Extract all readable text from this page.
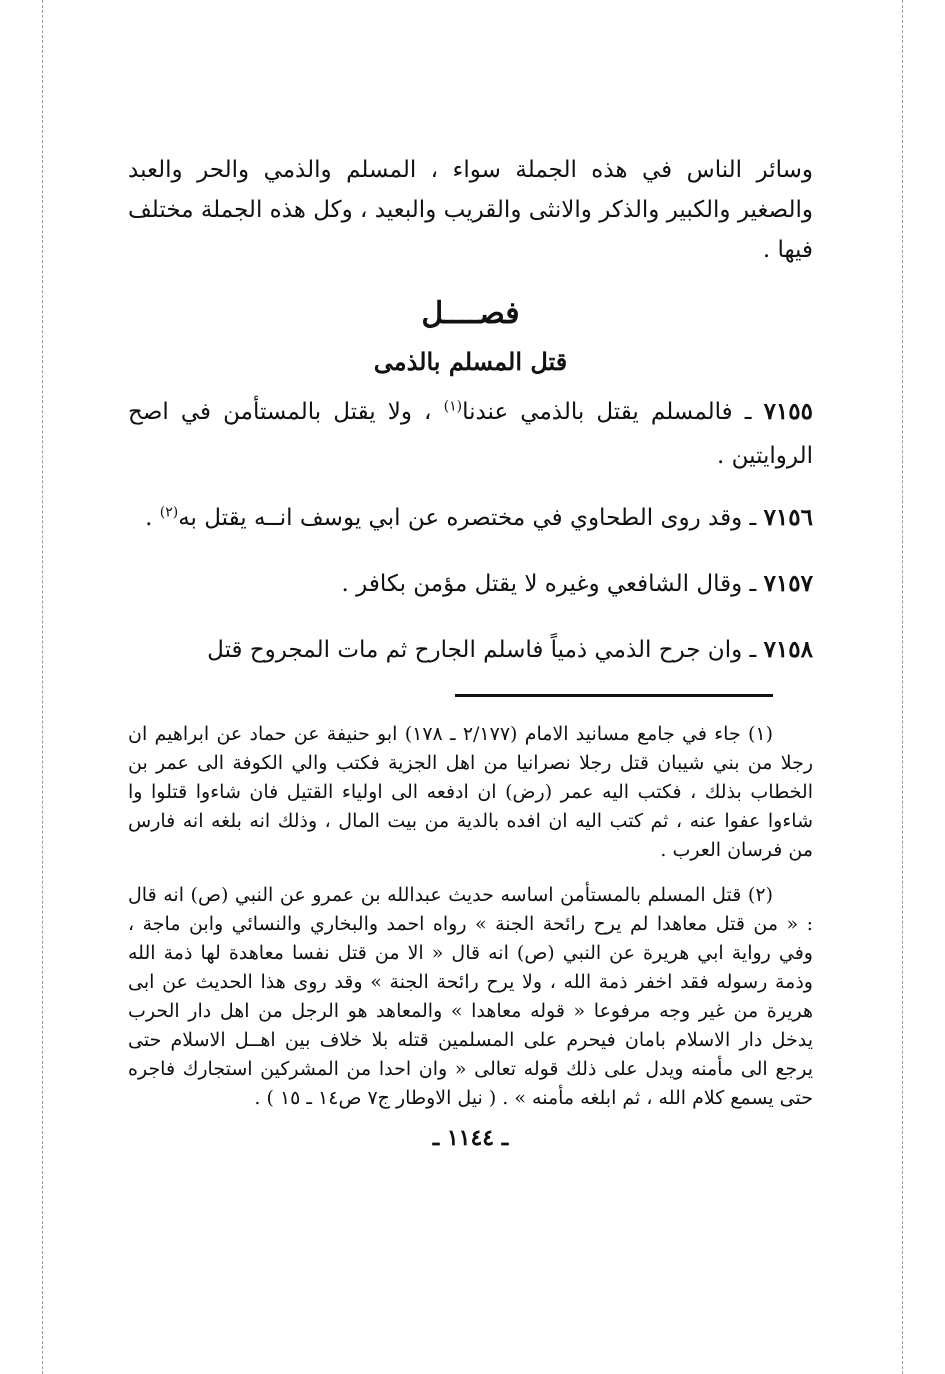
وسائر الناس في هذه الجملة سواء ، المسلم والذمي والحر والعبد والصغير والكبير والذكر والانثى والقريب والبعيد ، وكل هذه الجملة مختلف فيها .

فصــــل

قتل المسلم بالذمى

٧١٥٥ ـ فالمسلم يقتل بالذمي عندنا$^{(١)}$ ، ولا يقتل بالمستأمن في اصح الروايتين .

٧١٥٦ ـ وقد روى الطحاوي في مختصره عن ابي يوسف انــه يقتل به$^{(٢)}$ .

٧١٥٧ ـ وقال الشافعي وغيره لا يقتل مؤمن بكافر .

٧١٥٨ ـ وان جرح الذمي ذمياً فاسلم الجارح ثم مات المجروح قتل

(١) جاء في جامع مسانيد الامام (٢/١٧٧ ـ ١٧٨) ابو حنيفة عن حماد عن ابراهيم ان رجلا من بني شيبان قتل رجلا نصرانيا من اهل الجزية فكتب والي الكوفة الى عمر بن الخطاب بذلك ، فكتب اليه عمر (رض) ان ادفعه الى اولياء القتيل فان شاءوا قتلوا وا شاءوا عفوا عنه ، ثم كتب اليه ان افده بالدية من بيت المال ، وذلك انه بلغه انه فارس من فرسان العرب .

(٢) قتل المسلم بالمستأمن اساسه حديث عبدالله بن عمرو عن النبي (ص) انه قال : « من قتل معاهدا لم يرح رائحة الجنة » رواه احمد والبخاري والنسائي وابن ماجة ، وفي رواية ابي هريرة عن النبي (ص) انه قال « الا من قتل نفسا معاهدة لها ذمة الله وذمة رسوله فقد اخفر ذمة الله ، ولا يرح رائحة الجنة » وقد روى هذا الحديث عن ابى هريرة من غير وجه مرفوعا « قوله معاهدا » والمعاهد هو الرجل من اهل دار الحرب يدخل دار الاسلام بامان فيحرم على المسلمين قتله بلا خلاف بين اهــل الاسلام حتى يرجع الى مأمنه ويدل على ذلك قوله تعالى « وان احدا من المشركين استجارك فاجره حتى يسمع كلام الله ، ثم ابلغه مأمنه » . ( نيل الاوطار ج٧ ص١٤ ـ ١٥ ) .

ـ ١١٤٤ ـ
